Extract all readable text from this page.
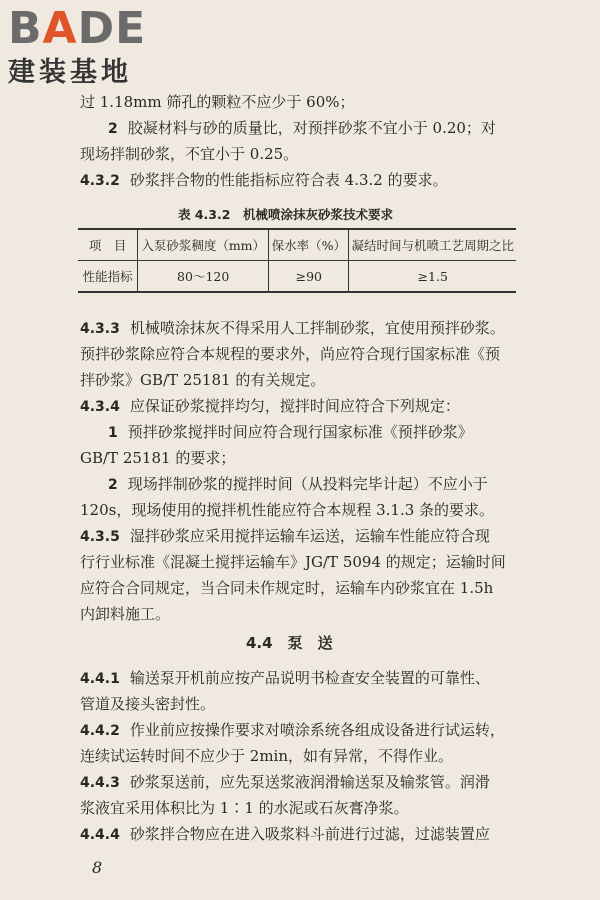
BADE
建装基地
过 1.18mm 筛孔的颗粒不应少于 60%；
2 胶凝材料与砂的质量比，对预拌砂浆不宜小于 0.20；对
现场拌制砂浆，不宜小于 0.25。
4.3.2 砂浆拌合物的性能指标应符合表 4.3.2 的要求。
表 4.3.2　机械喷涂抹灰砂浆技术要求
项　目	入泵砂浆稠度（mm）	保水率（%）	凝结时间与机喷工艺周期之比
性能指标	80～120	≥90	≥1.5
4.3.3 机械喷涂抹灰不得采用人工拌制砂浆，宜使用预拌砂浆。
预拌砂浆除应符合本规程的要求外，尚应符合现行国家标准《预
拌砂浆》GB/T 25181 的有关规定。
4.3.4 应保证砂浆搅拌均匀，搅拌时间应符合下列规定：
1 预拌砂浆搅拌时间应符合现行国家标准《预拌砂浆》
GB/T 25181 的要求；
2 现场拌制砂浆的搅拌时间（从投料完毕计起）不应小于
120s，现场使用的搅拌机性能应符合本规程 3.1.3 条的要求。
4.3.5 湿拌砂浆应采用搅拌运输车运送，运输车性能应符合现
行行业标准《混凝土搅拌运输车》JG/T 5094 的规定；运输时间
应符合合同规定，当合同未作规定时，运输车内砂浆宜在 1.5h
内卸料施工。
4.4　泵　送
4.4.1 输送泵开机前应按产品说明书检查安全装置的可靠性、
管道及接头密封性。
4.4.2 作业前应按操作要求对喷涂系统各组成设备进行试运转，
连续试运转时间不应少于 2min，如有异常，不得作业。
4.4.3 砂浆泵送前，应先泵送浆液润滑输送泵及输浆管。润滑
浆液宜采用体积比为 1∶1 的水泥或石灰膏净浆。
4.4.4 砂浆拌合物应在进入吸浆料斗前进行过滤，过滤装置应
8
